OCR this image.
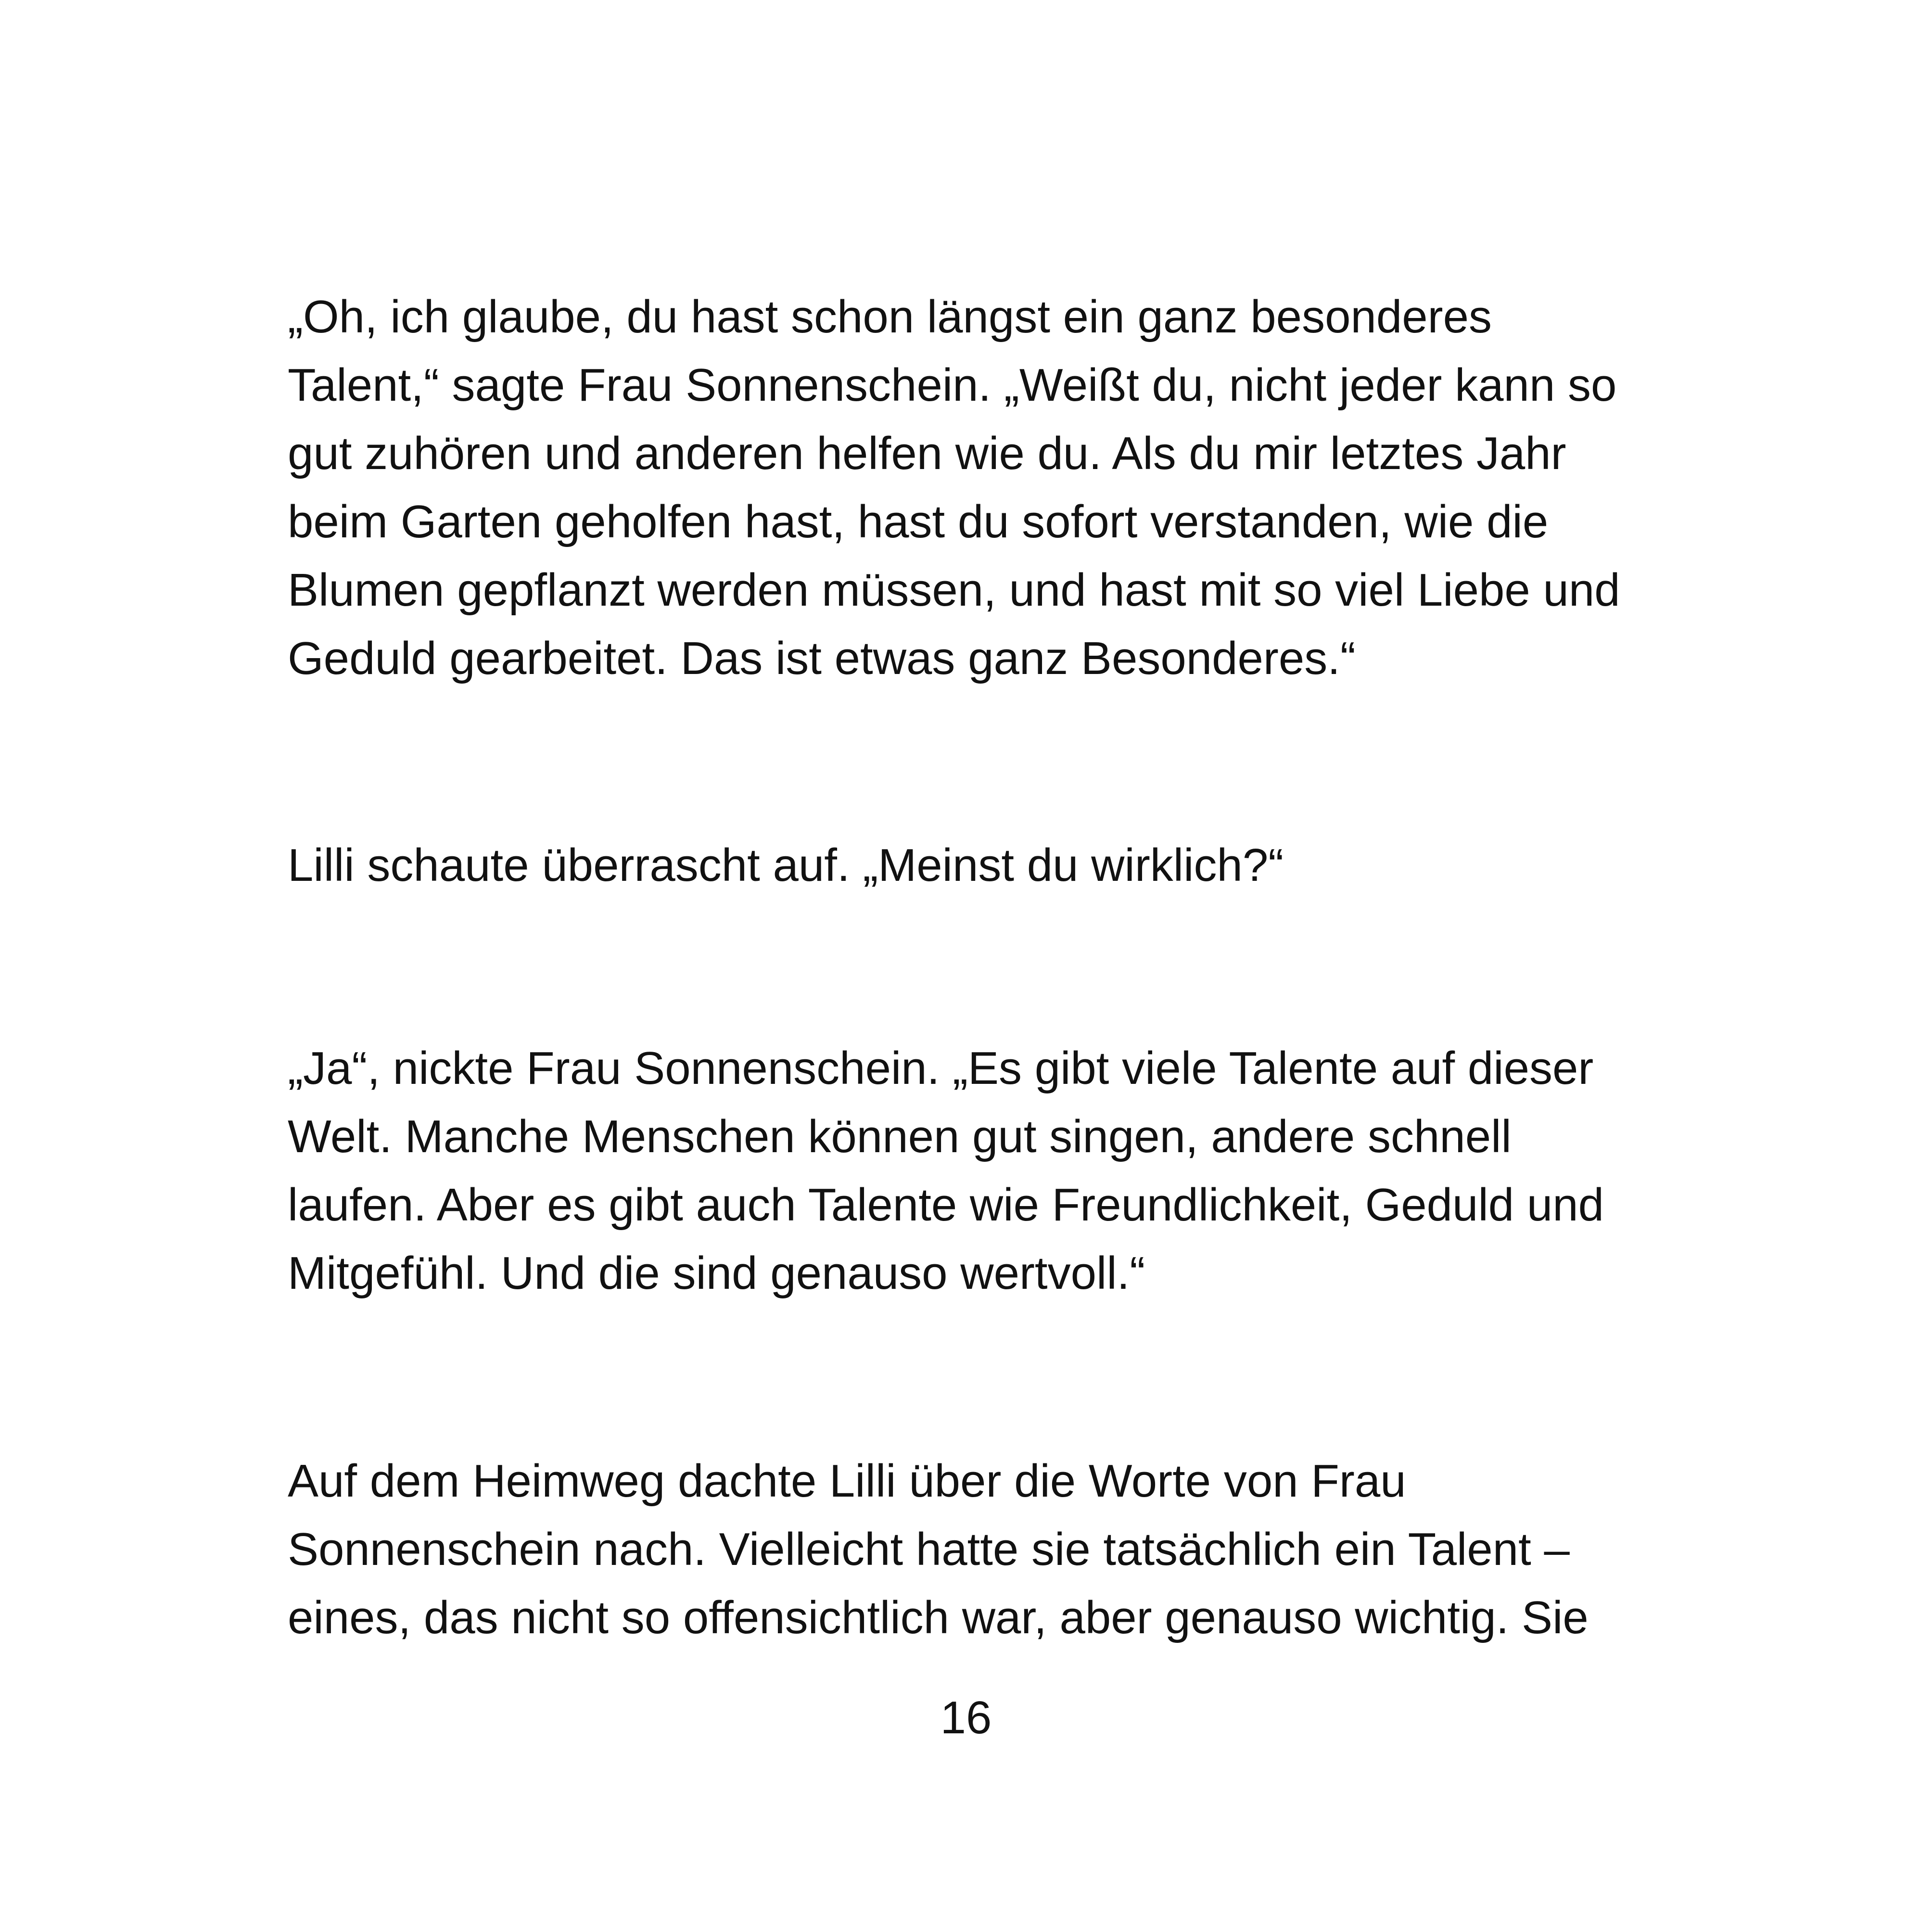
„Oh, ich glaube, du hast schon längst ein ganz besonderes
Talent,“ sagte Frau Sonnenschein. „Weißt du, nicht jeder kann so
gut zuhören und anderen helfen wie du. Als du mir letztes Jahr
beim Garten geholfen hast, hast du sofort verstanden, wie die
Blumen gepflanzt werden müssen, und hast mit so viel Liebe und
Geduld gearbeitet. Das ist etwas ganz Besonderes.“

Lilli schaute überrascht auf. „Meinst du wirklich?“

„Ja“, nickte Frau Sonnenschein. „Es gibt viele Talente auf dieser
Welt. Manche Menschen können gut singen, andere schnell
laufen. Aber es gibt auch Talente wie Freundlichkeit, Geduld und
Mitgefühl. Und die sind genauso wertvoll.“

Auf dem Heimweg dachte Lilli über die Worte von Frau
Sonnenschein nach. Vielleicht hatte sie tatsächlich ein Talent –
eines, das nicht so offensichtlich war, aber genauso wichtig. Sie

16
